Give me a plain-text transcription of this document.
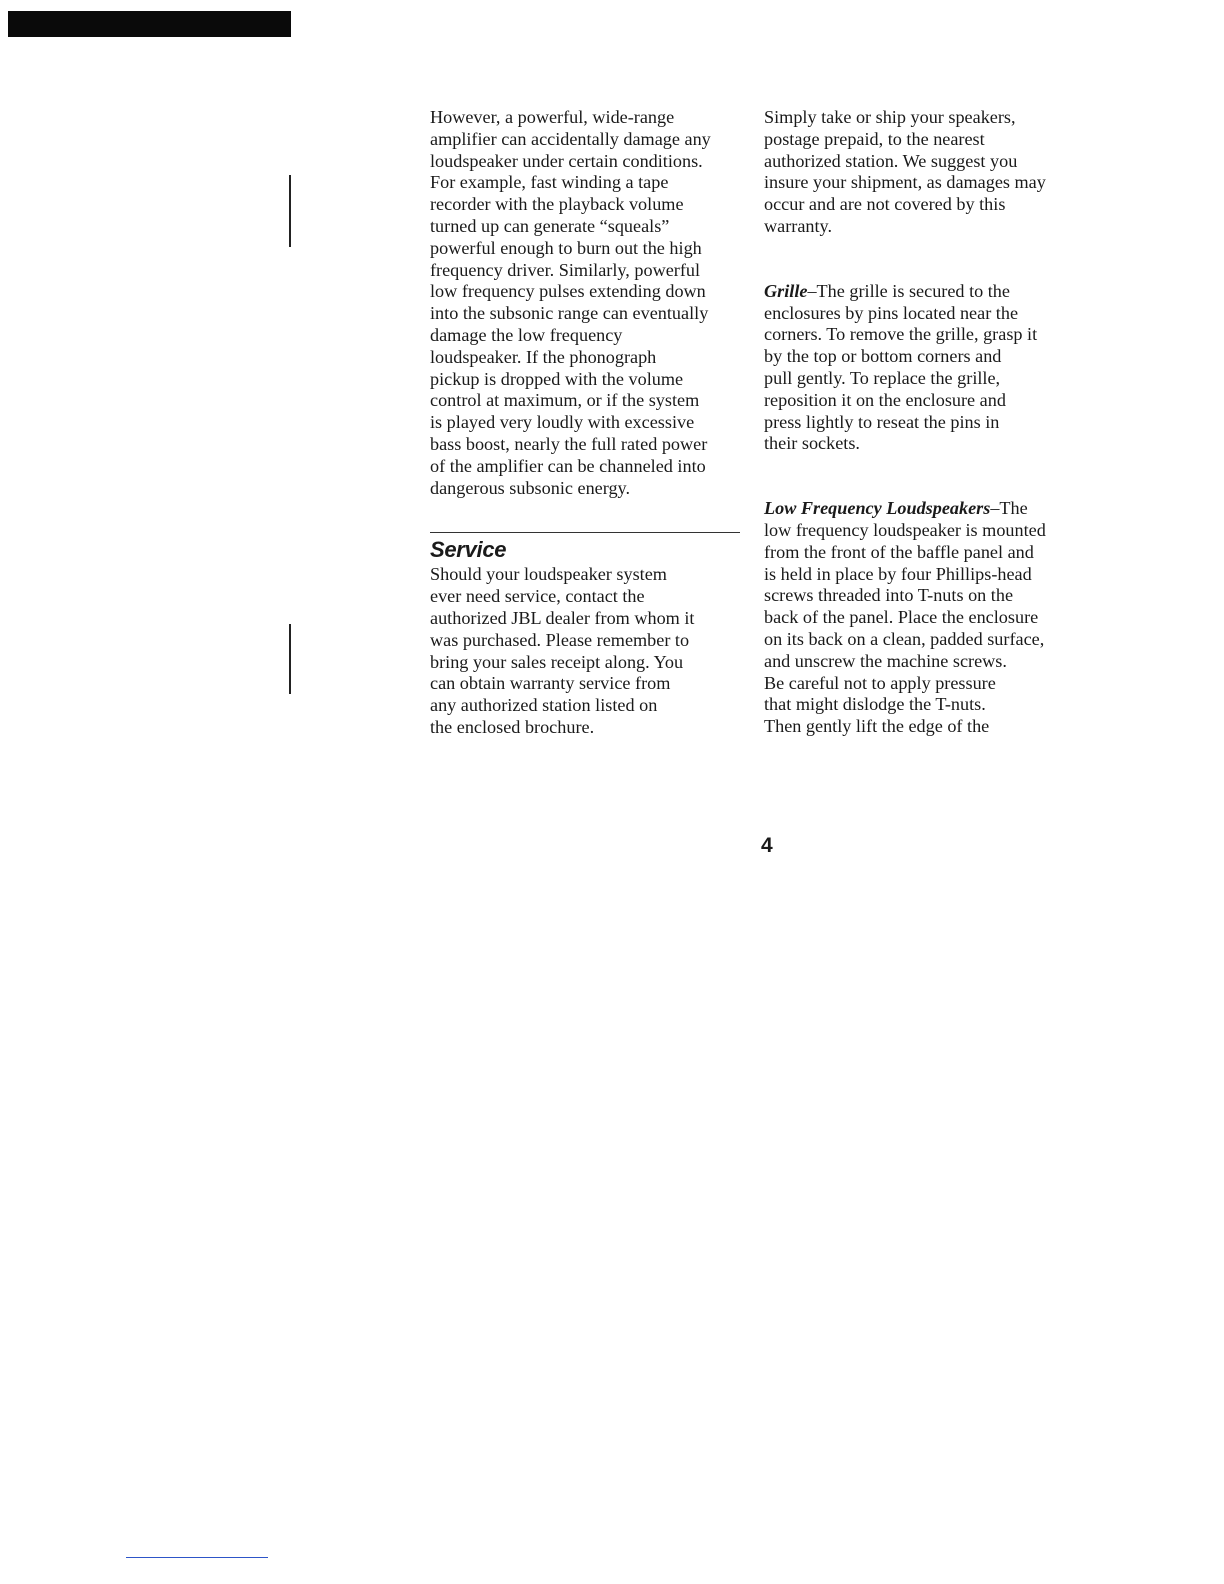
However, a powerful, wide-range
amplifier can accidentally damage any
loudspeaker under certain conditions.
For example, fast winding a tape
recorder with the playback volume
turned up can generate “squeals”
powerful enough to burn out the high
frequency driver. Similarly, powerful
low frequency pulses extending down
into the subsonic range can eventually
damage the low frequency
loudspeaker. If the phonograph
pickup is dropped with the volume
control at maximum, or if the system
is played very loudly with excessive
bass boost, nearly the full rated power
of the amplifier can be channeled into
dangerous subsonic energy.

Service

Should your loudspeaker system
ever need service, contact the
authorized JBL dealer from whom it
was purchased. Please remember to
bring your sales receipt along. You
can obtain warranty service from
any authorized station listed on
the enclosed brochure.

Simply take or ship your speakers,
postage prepaid, to the nearest
authorized station. We suggest you
insure your shipment, as damages may
occur and are not covered by this
warranty.

Grille–The grille is secured to the
enclosures by pins located near the
corners. To remove the grille, grasp it
by the top or bottom corners and
pull gently. To replace the grille,
reposition it on the enclosure and
press lightly to reseat the pins in
their sockets.

Low Frequency Loudspeakers–The
low frequency loudspeaker is mounted
from the front of the baffle panel and
is held in place by four Phillips-head
screws threaded into T-nuts on the
back of the panel. Place the enclosure
on its back on a clean, padded surface,
and unscrew the machine screws.
Be careful not to apply pressure
that might dislodge the T-nuts.
Then gently lift the edge of the

4
